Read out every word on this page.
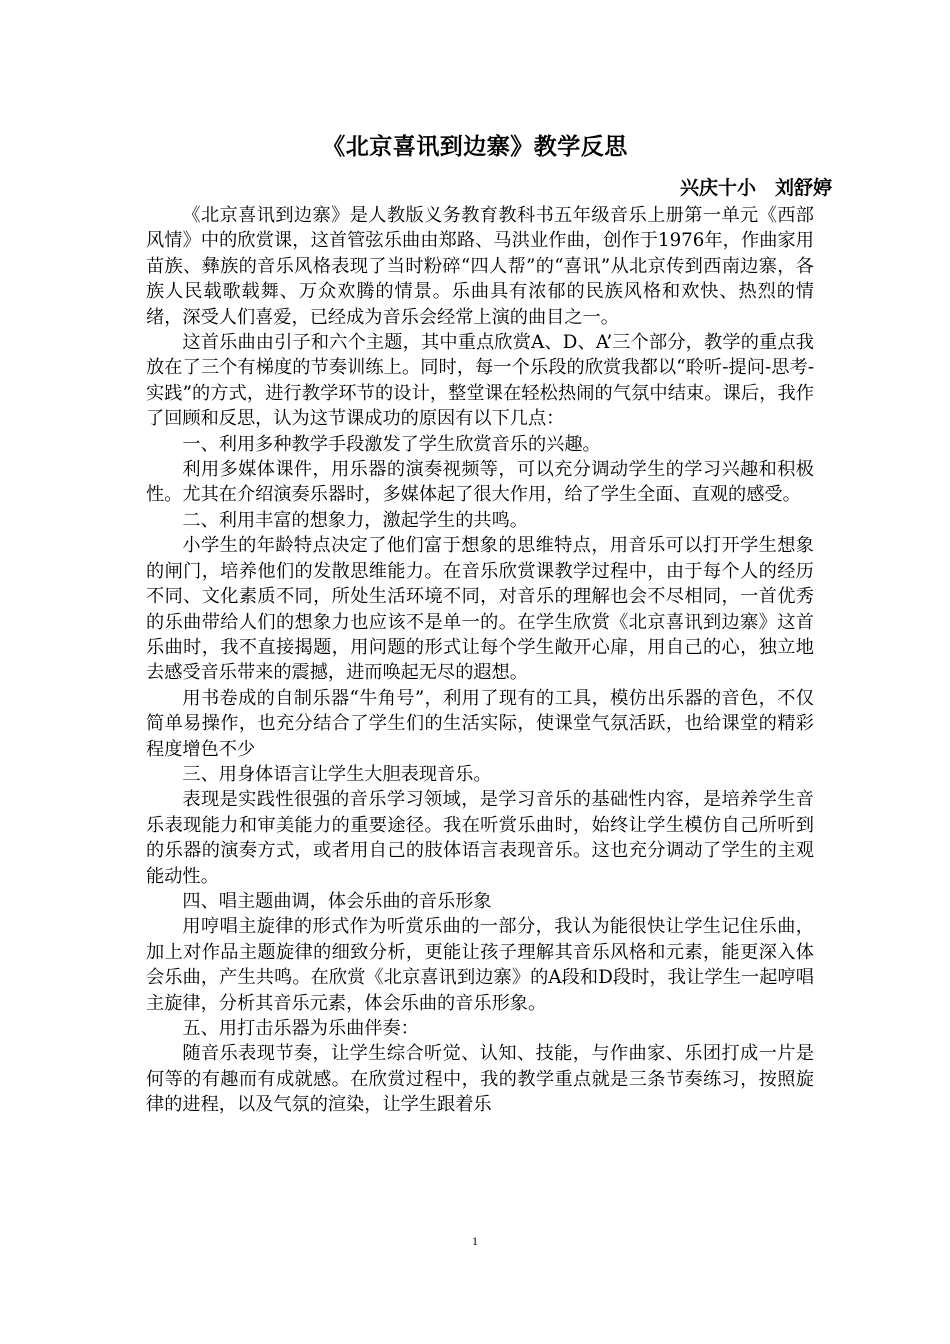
《北京喜讯到边寨》教学反思
兴庆十小　刘舒婷

《北京喜讯到边寨》是人教版义务教育教科书五年级音乐上册第一单元《西部风情》中的欣赏课，这首管弦乐曲由郑路、马洪业作曲，创作于1976年，作曲家用苗族、彝族的音乐风格表现了当时粉碎“四人帮”的“喜讯”从北京传到西南边寨，各族人民载歌载舞、万众欢腾的情景。乐曲具有浓郁的民族风格和欢快、热烈的情绪，深受人们喜爱，已经成为音乐会经常上演的曲目之一。

这首乐曲由引子和六个主题，其中重点欣赏A、D、A’三个部分，教学的重点我放在了三个有梯度的节奏训练上。同时，每一个乐段的欣赏我都以“聆听-提问-思考-实践”的方式，进行教学环节的设计，整堂课在轻松热闹的气氛中结束。课后，我作了回顾和反思，认为这节课成功的原因有以下几点：

一、利用多种教学手段激发了学生欣赏音乐的兴趣。

利用多媒体课件，用乐器的演奏视频等，可以充分调动学生的学习兴趣和积极性。尤其在介绍演奏乐器时，多媒体起了很大作用，给了学生全面、直观的感受。

二、利用丰富的想象力，激起学生的共鸣。

小学生的年龄特点决定了他们富于想象的思维特点，用音乐可以打开学生想象的闸门，培养他们的发散思维能力。在音乐欣赏课教学过程中，由于每个人的经历不同、文化素质不同，所处生活环境不同，对音乐的理解也会不尽相同，一首优秀的乐曲带给人们的想象力也应该不是单一的。在学生欣赏《北京喜讯到边寨》这首乐曲时，我不直接揭题，用问题的形式让每个学生敞开心扉，用自己的心，独立地去感受音乐带来的震撼，进而唤起无尽的遐想。

用书卷成的自制乐器“牛角号”，利用了现有的工具，模仿出乐器的音色，不仅简单易操作，也充分结合了学生们的生活实际，使课堂气氛活跃，也给课堂的精彩程度增色不少

三、用身体语言让学生大胆表现音乐。

表现是实践性很强的音乐学习领域，是学习音乐的基础性内容，是培养学生音乐表现能力和审美能力的重要途径。我在听赏乐曲时，始终让学生模仿自己所听到的乐器的演奏方式，或者用自己的肢体语言表现音乐。这也充分调动了学生的主观能动性。

四、唱主题曲调，体会乐曲的音乐形象

用哼唱主旋律的形式作为听赏乐曲的一部分，我认为能很快让学生记住乐曲，加上对作品主题旋律的细致分析，更能让孩子理解其音乐风格和元素，能更深入体会乐曲，产生共鸣。在欣赏《北京喜讯到边寨》的A段和D段时，我让学生一起哼唱主旋律，分析其音乐元素，体会乐曲的音乐形象。

五、用打击乐器为乐曲伴奏：

随音乐表现节奏，让学生综合听觉、认知、技能，与作曲家、乐团打成一片是何等的有趣而有成就感。在欣赏过程中，我的教学重点就是三条节奏练习，按照旋律的进程，以及气氛的渲染，让学生跟着乐

1
